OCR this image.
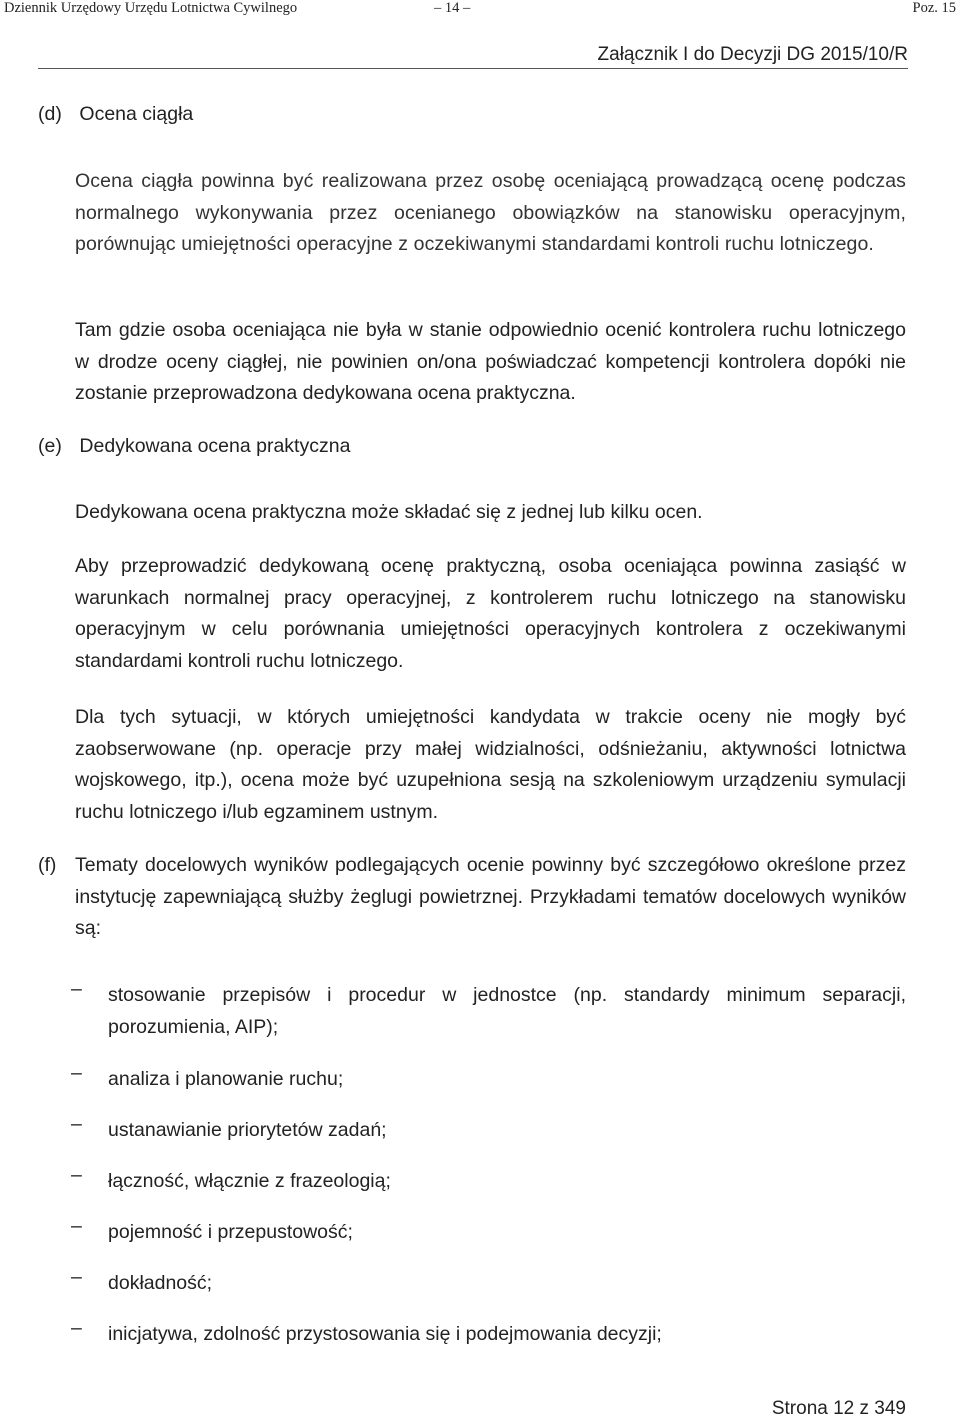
Dziennik Urzędowy Urzędu Lotnictwa Cywilnego	– 14 –	Poz. 15
Załącznik I do Decyzji DG 2015/10/R
(d) Ocena ciągła
Ocena ciągła powinna być realizowana przez osobę oceniającą prowadzącą ocenę podczas normalnego wykonywania przez ocenianego obowiązków na stanowisku operacyjnym, porównując umiejętności operacyjne z oczekiwanymi standardami kontroli ruchu lotniczego.
Tam gdzie osoba oceniająca nie była w stanie odpowiednio ocenić kontrolera ruchu lotniczego w drodze oceny ciągłej, nie powinien on/ona poświadczać kompetencji kontrolera dopóki nie zostanie przeprowadzona dedykowana ocena praktyczna.
(e) Dedykowana ocena praktyczna
Dedykowana ocena praktyczna może składać się z jednej lub kilku ocen.
Aby przeprowadzić dedykowaną ocenę praktyczną, osoba oceniająca powinna zasiąść w warunkach normalnej pracy operacyjnej, z kontrolerem ruchu lotniczego na stanowisku operacyjnym w celu porównania umiejętności operacyjnych kontrolera z oczekiwanymi standardami kontroli ruchu lotniczego.
Dla tych sytuacji, w których umiejętności kandydata w trakcie oceny nie mogły być zaobserwowane (np. operacje przy małej widzialności, odśnieżaniu, aktywności lotnictwa wojskowego, itp.), ocena może być uzupełniona sesją na szkoleniowym urządzeniu symulacji ruchu lotniczego i/lub egzaminem ustnym.
(f) Tematy docelowych wyników podlegających ocenie powinny być szczegółowo określone przez instytucję zapewniającą służby żeglugi powietrznej. Przykładami tematów docelowych wyników są:
– stosowanie przepisów i procedur w jednostce (np. standardy minimum separacji, porozumienia, AIP);
– analiza i planowanie ruchu;
– ustanawianie priorytetów zadań;
– łączność, włącznie z frazeologią;
– pojemność i przepustowość;
– dokładność;
– inicjatywa, zdolność przystosowania się i podejmowania decyzji;
Strona 12 z 349
